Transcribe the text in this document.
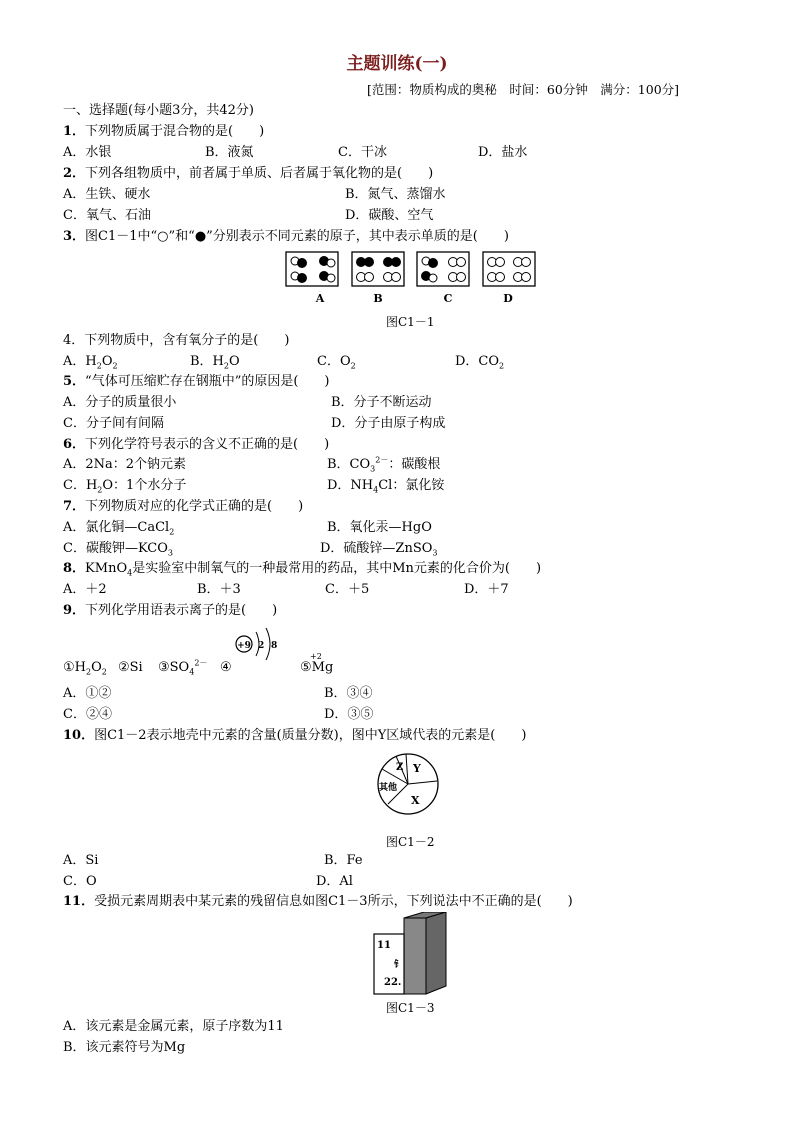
主题训练(一)
[范围：物质构成的奥秘　时间：60分钟　满分：100分]
一、选择题(每小题3分，共42分)
1．下列物质属于混合物的是(　　)
A．水银	B．液氮	C．干冰	D．盐水
2．下列各组物质中，前者属于单质、后者属于氧化物的是(　　)
A．生铁、硬水	B．氮气、蒸馏水
C．氧气、石油	D．碳酸、空气
3．图C1－1中“○”和“●”分别表示不同元素的原子，其中表示单质的是(　　)
A	B	C	D
图C1－1
4．下列物质中，含有氧分子的是(　　)
A．$H_2O_2$	B．$H_2O$	C．$O_2$	D．$CO_2$
5．“气体可压缩贮存在钢瓶中”的原因是(　　)
A．分子的质量很小	B．分子不断运动
C．分子间有间隔	D．分子由原子构成
6．下列化学符号表示的含义不正确的是(　　)
A．2Na：2个钠元素	B．$CO_3^{2-}$：碳酸根
C．$H_2O$：1个水分子	D．$NH_4Cl$：氯化铵
7．下列物质对应的化学式正确的是(　　)
A．氯化铜—CaCl$_2$	B．氧化汞—HgO
C．碳酸钾$—KCO_3$	D．硫酸锌—ZnSO$_3$
8．KMnO$_4$是实验室中制氧气的一种最常用的药品，其中Mn元素的化合价为(　　)
A．＋2	B．＋3	C．＋5	D．＋7
9．下列化学用语表示离子的是(　　)
+9 2 8
$①H_2O_2$ ②Si $③SO_4^{2-}$ ④
+2
⑤Mg
A．①②	B．③④
C．②④	D．③⑤
10．图C1－2表示地壳中元素的含量(质量分数)，图中Y区域代表的元素是(　　)
Z Y
其他
X
图C1－2
A．Si	B．Fe
C．O	D．Al
11．受损元素周期表中某元素的残留信息如图C1－3所示，下列说法中不正确的是(　　)
11
钅
22.
图C1－3
A．该元素是金属元素，原子序数为11
B．该元素符号为Mg
